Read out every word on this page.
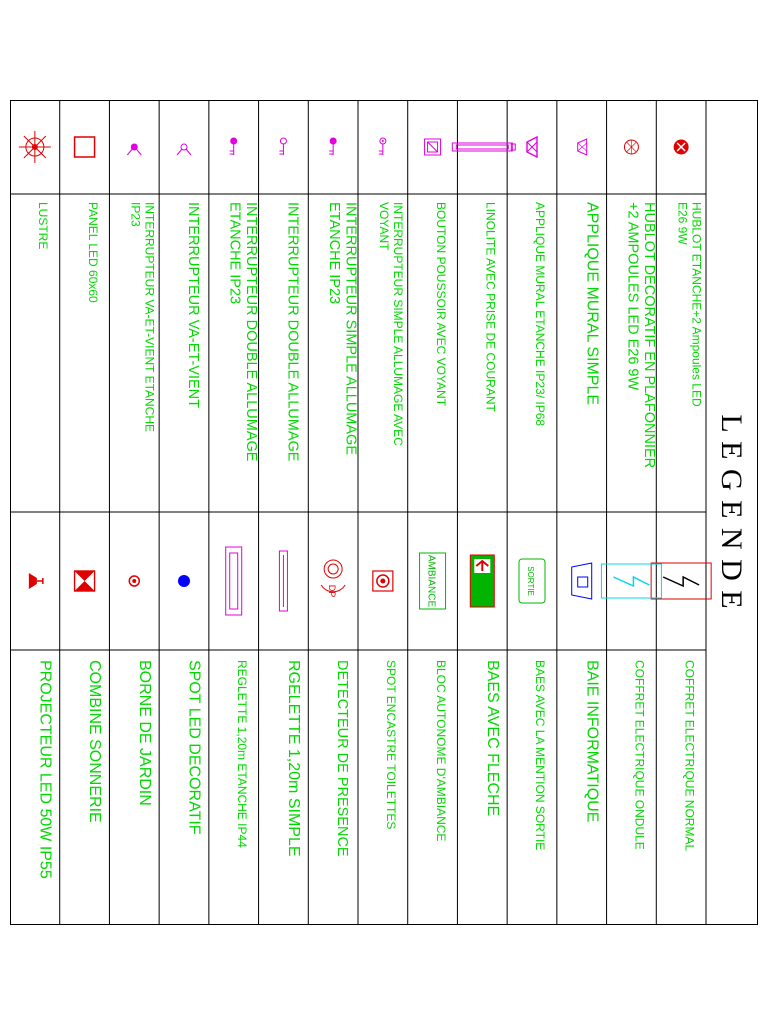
L E G E N D E
HUBLOT ETANCHE+2 Ampoules LED
E26 9W
HUBLOT DECORATIF EN PLAFONNIER
+2 AMPOULES LED E26 9W
APPLIQUE MURAL SIMPLE
APPLIQUE MURAL ETANCHE IP23/ IP68
LINOLITE AVEC PRISE DE COURANT
BOUTON POUSSOIR AVEC VOYANT
INTERRUPTEUR SIMPLE ALLUMAGE AVEC
VOYANT
INTERRUPTEUR SIMPLE ALLUMAGE
ETANCHE IP23
INTERRUPTEUR DOUBLE ALLUMAGE
INTERRUPTEUR DOUBLE ALLUMAGE
ETANCHE IP23
INTERRUPTEUR VA-ET-VIENT
INTERRUPTEUR VA-ET-VIENT ETANCHE
IP23
PANEL LED 60x60
LUSTRE
COFFRET ELECTRIQUE NORMAL
COFFRET ELECTRIQUE ONDULE
BAIE INFORMATIQUE
SORTIE
BAES AVEC LA MENTION SORTIE
BAES AVEC FLECHE
AMBIANCE
BLOC AUTONOME D'AMBIANCE
SPOT ENCASTRE TOILETTES
DP
DETECTEUR DE PRESENCE
RGELETTE 1,20m SIMPLE
REGLETTE 1,20m ETANCHE IP44
SPOT LED DECORATIF
BORNE DE JARDIN
COMBINE SONNERIE
PROJECTEUR LED 50W IP55
